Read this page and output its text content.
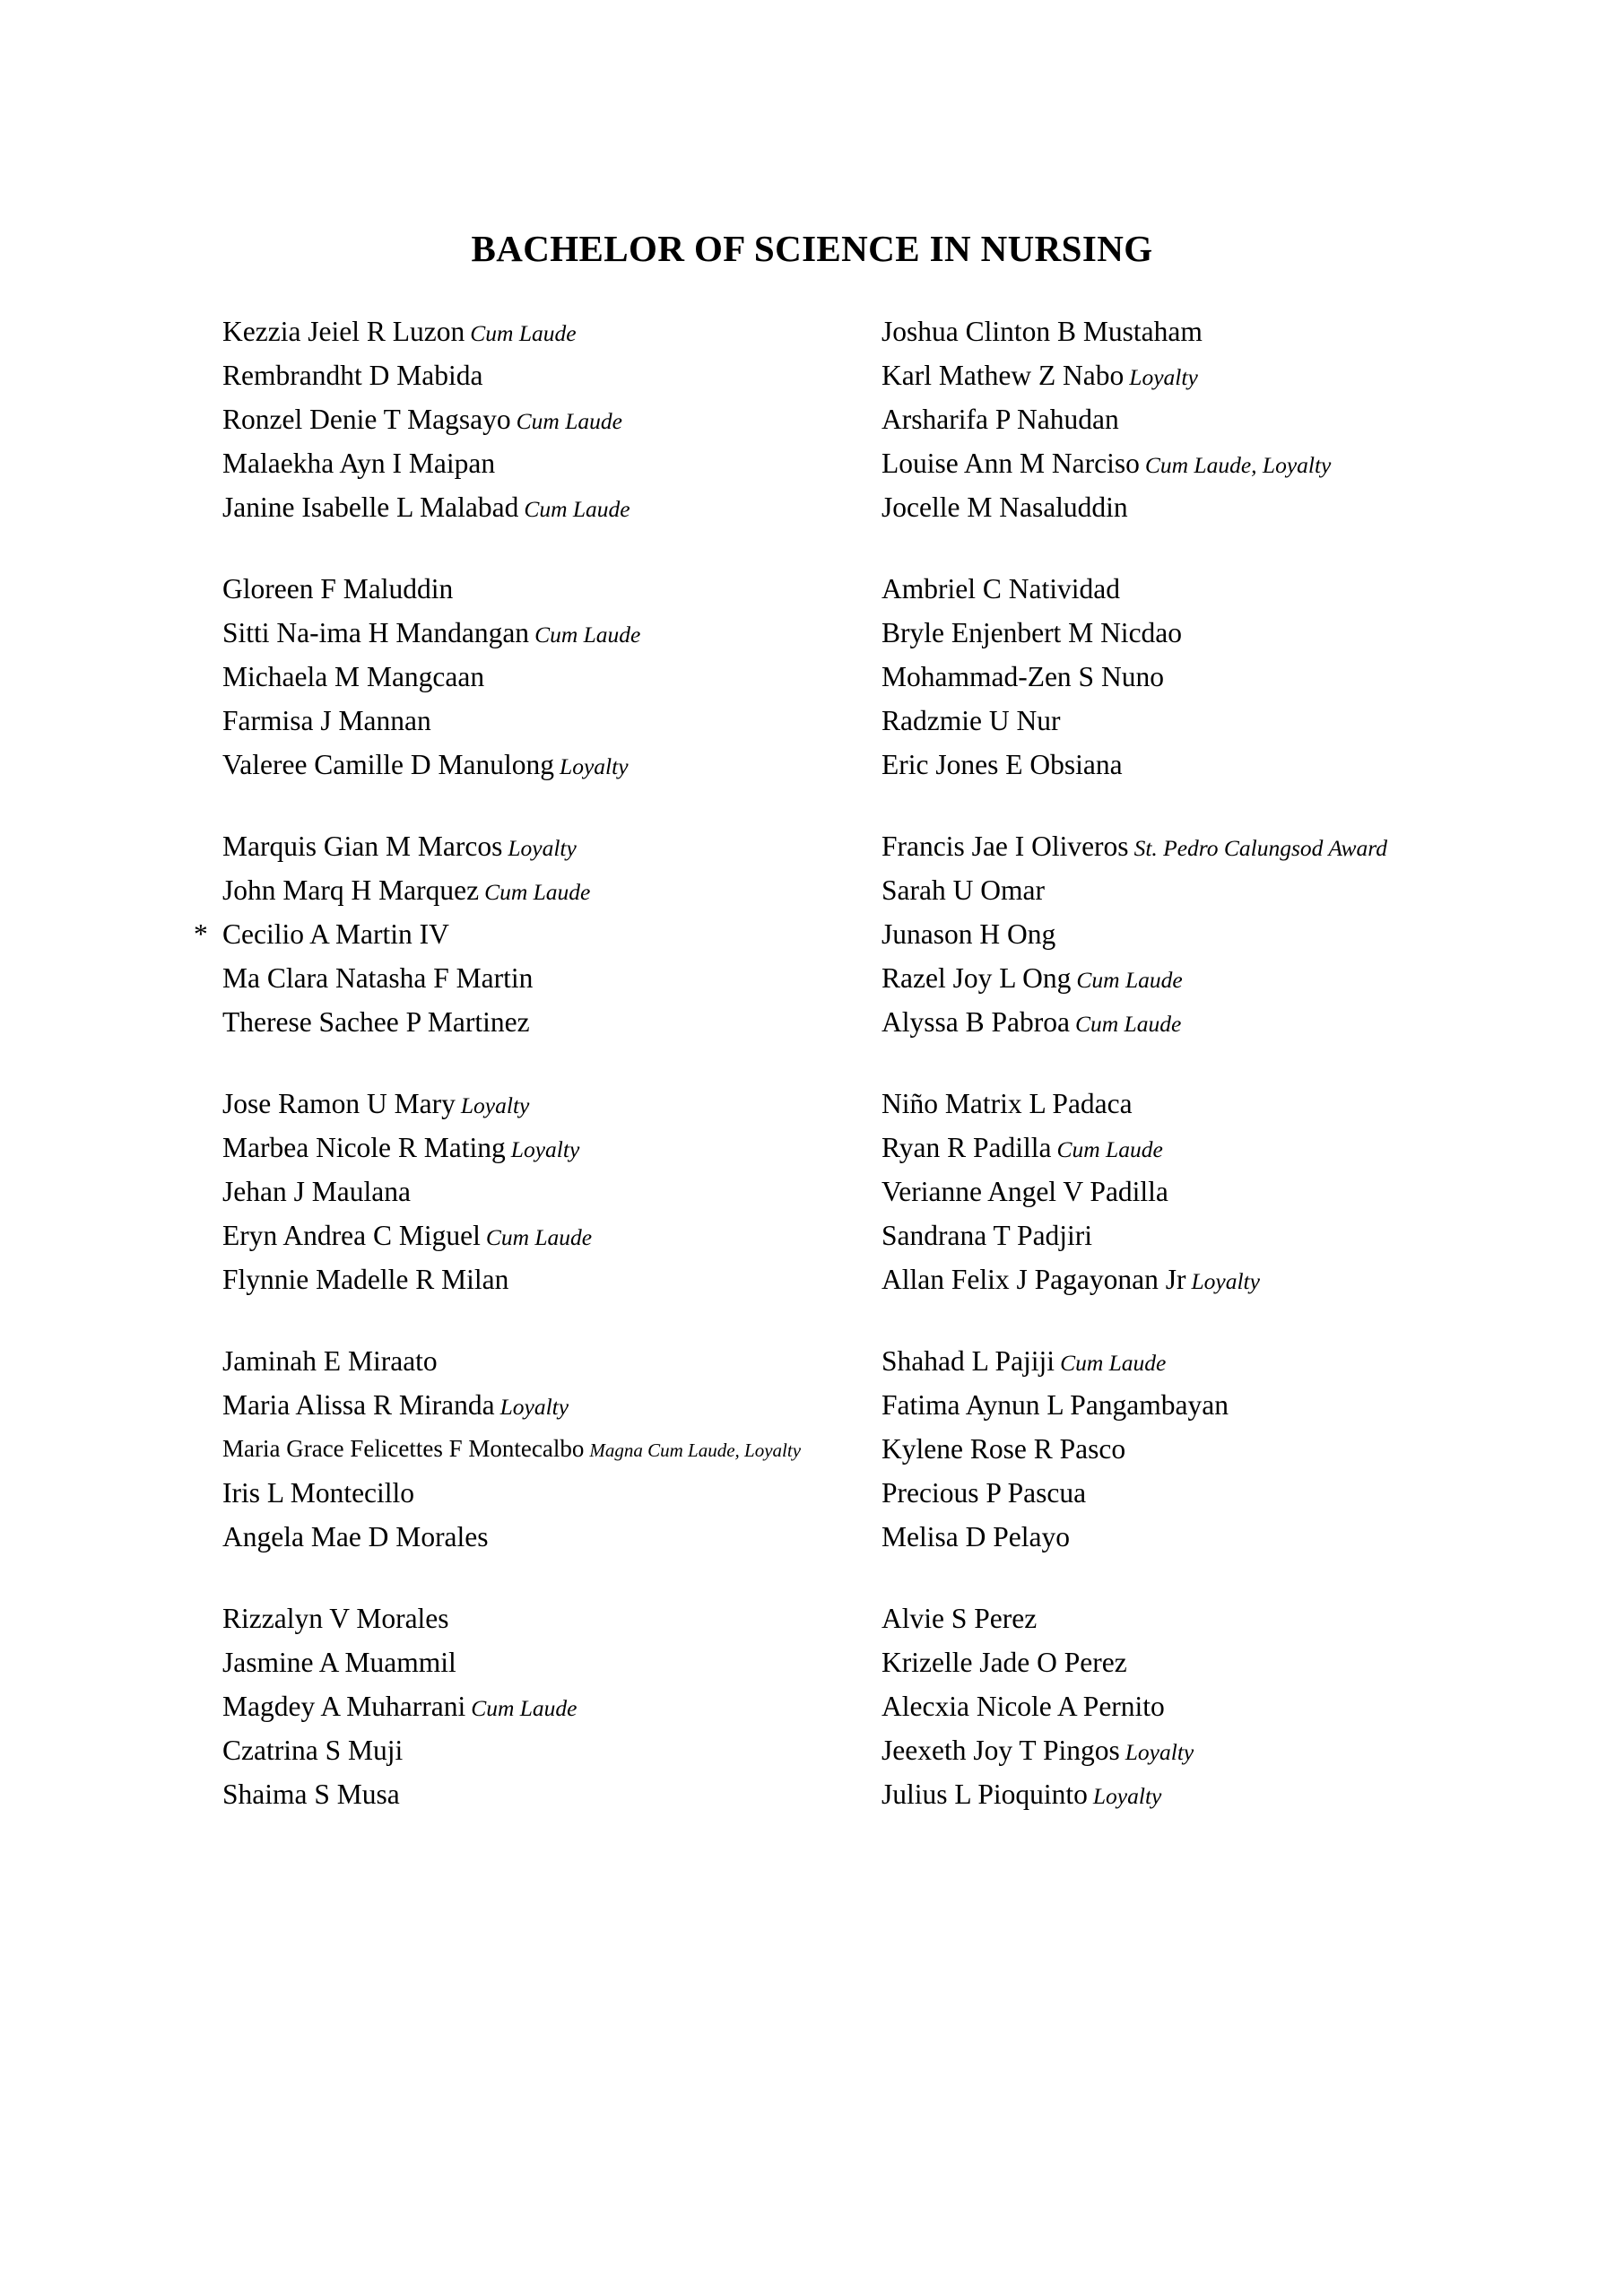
BACHELOR OF SCIENCE IN NURSING
Kezzia Jeiel R Luzon Cum Laude
Rembrandht D Mabida
Ronzel Denie T Magsayo Cum Laude
Malaekha Ayn I Maipan
Janine Isabelle L Malabad Cum Laude
Gloreen F Maluddin
Sitti Na-ima H Mandangan Cum Laude
Michaela M Mangcaan
Farmisa J Mannan
Valeree Camille D Manulong Loyalty
Marquis Gian M Marcos Loyalty
John Marq H Marquez Cum Laude
* Cecilio A Martin IV
Ma Clara Natasha F Martin
Therese Sachee P Martinez
Jose Ramon U Mary Loyalty
Marbea Nicole R Mating Loyalty
Jehan J Maulana
Eryn Andrea C Miguel Cum Laude
Flynnie Madelle R Milan
Jaminah E Miraato
Maria Alissa R Miranda Loyalty
Maria Grace Felicettes F Montecalbo Magna Cum Laude, Loyalty
Iris L Montecillo
Angela Mae D Morales
Rizzalyn V Morales
Jasmine A Muammil
Magdey A Muharrani Cum Laude
Czatrina S Muji
Shaima S Musa
Joshua Clinton B Mustaham
Karl Mathew Z Nabo Loyalty
Arsharifa P Nahudan
Louise Ann M Narciso Cum Laude, Loyalty
Jocelle M Nasaluddin
Ambriel C Natividad
Bryle Enjenbert M Nicdao
Mohammad-Zen S Nuno
Radzmie U Nur
Eric Jones E Obsiana
Francis Jae I Oliveros St. Pedro Calungsod Award
Sarah U Omar
Junason H Ong
Razel Joy L Ong Cum Laude
Alyssa B Pabroa Cum Laude
Niño Matrix L Padaca
Ryan R Padilla Cum Laude
Verianne Angel V Padilla
Sandrana T Padjiri
Allan Felix J Pagayonan Jr Loyalty
Shahad L Pajiji Cum Laude
Fatima Aynun L Pangambayan
Kylene Rose R Pasco
Precious P Pascua
Melisa D Pelayo
Alvie S Perez
Krizelle Jade O Perez
Alecxia Nicole A Pernito
Jeexeth Joy T Pingos Loyalty
Julius L Pioquinto Loyalty
